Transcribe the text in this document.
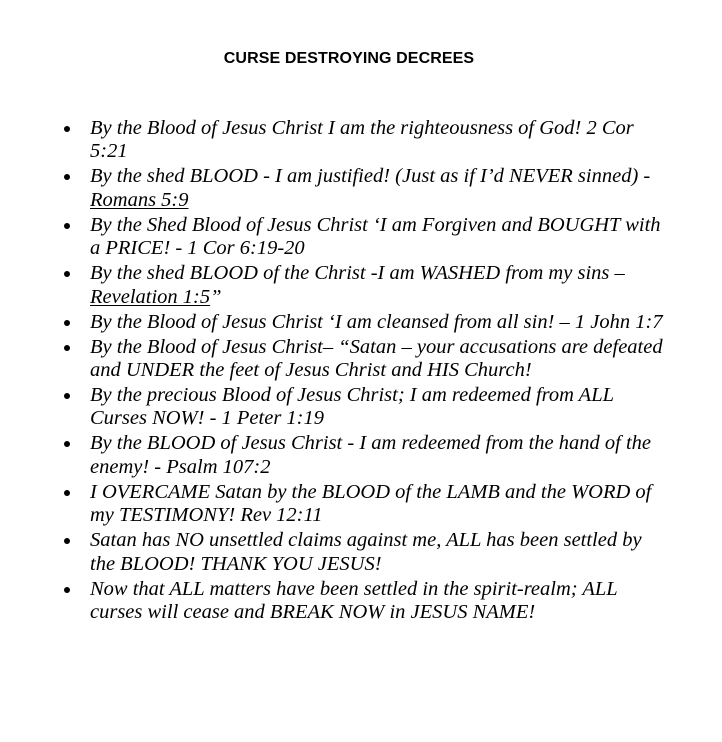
CURSE DESTROYING DECREES
By the Blood of Jesus Christ I am the righteousness of God! 2 Cor 5:21
By the shed BLOOD - I am justified! (Just as if I’d NEVER sinned) - Romans 5:9
By the Shed Blood of Jesus Christ ‘I am Forgiven and BOUGHT with a PRICE! - 1 Cor 6:19-20
By the shed BLOOD of the Christ -I am WASHED from my sins – Revelation 1:5”
By the Blood of Jesus Christ ‘I am cleansed from all sin! – 1 John 1:7
By the Blood of Jesus Christ– “Satan – your accusations are defeated and UNDER the feet of Jesus Christ and HIS Church!
By the precious Blood of Jesus Christ; I am redeemed from ALL Curses NOW! - 1 Peter 1:19
By the BLOOD of Jesus Christ - I am redeemed from the hand of the enemy! - Psalm 107:2
I OVERCAME Satan by the BLOOD of the LAMB and the WORD of my TESTIMONY! Rev 12:11
Satan has NO unsettled claims against me, ALL has been settled by the BLOOD! THANK YOU JESUS!
Now that ALL matters have been settled in the spirit-realm; ALL curses will cease and BREAK NOW in JESUS NAME!
